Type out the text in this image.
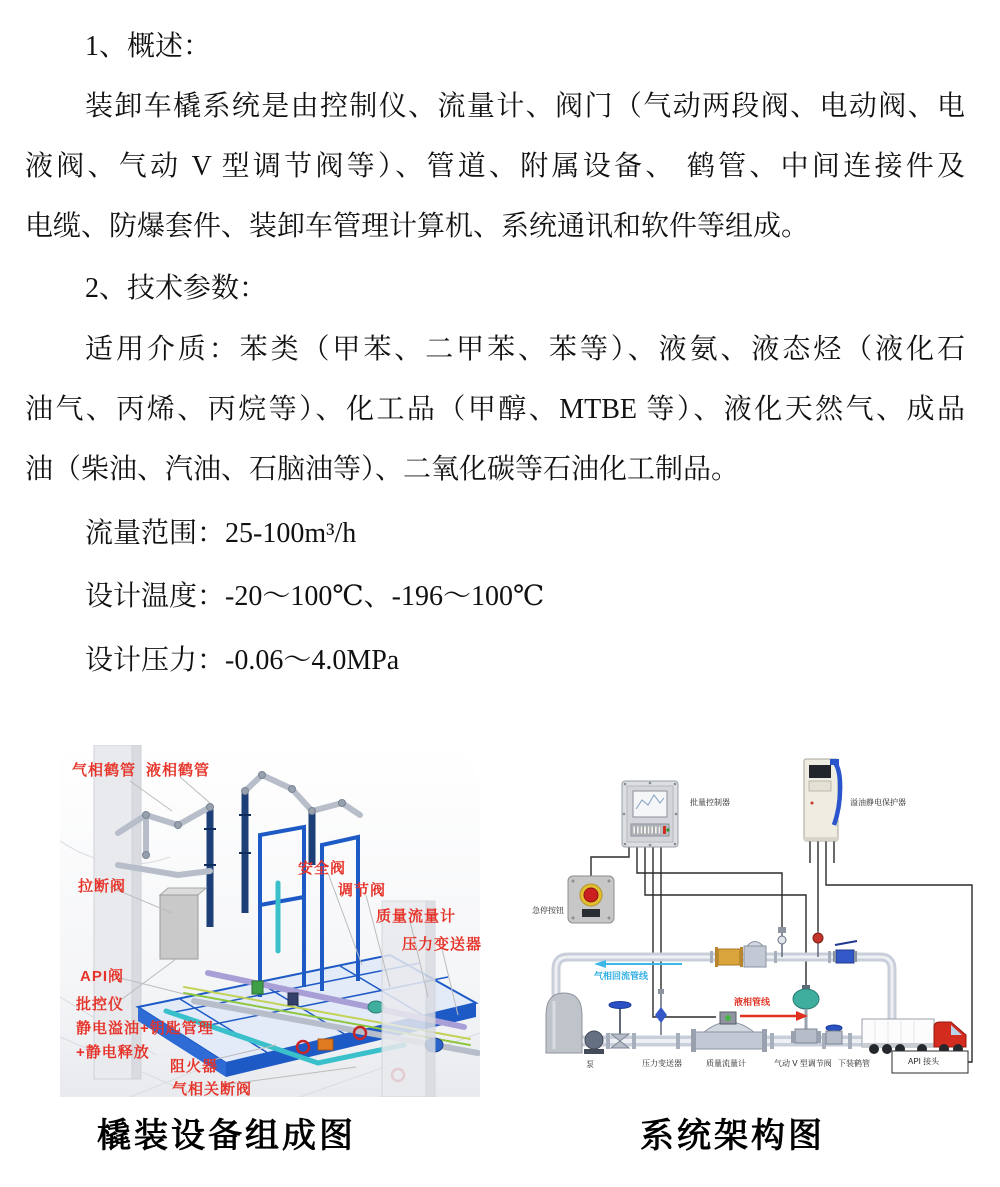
1、概述：
装卸车橇系统是由控制仪、流量计、阀门（气动两段阀、电动阀、电
液阀、气动 V 型调节阀等）、管道、附属设备、 鹤管、中间连接件及
电缆、防爆套件、装卸车管理计算机、系统通讯和软件等组成。
2、技术参数：
适用介质：苯类（甲苯、二甲苯、苯等）、液氨、液态烃（液化石
油气、丙烯、丙烷等）、化工品（甲醇、MTBE 等）、液化天然气、成品
油（柴油、汽油、石脑油等）、二氧化碳等石油化工制品。
流量范围：25-100m³/h
设计温度：-20～100℃、-196～100℃
设计压力：-0.06～4.0MPa
气相鹤管 液相鹤管
拉断阀
安全阀
调节阀
质量流量计
压力变送器
API阀
批控仪
静电溢油+钥匙管理
+静电释放
阻火器
气相关断阀
批量控制器	溢油静电保护器
急停按钮
气相回流管线
液相管线
泵	压力变送器	质量流量计	气动 V 型调节阀 下装鹤管	API 接头
橇装设备组成图	系统架构图
